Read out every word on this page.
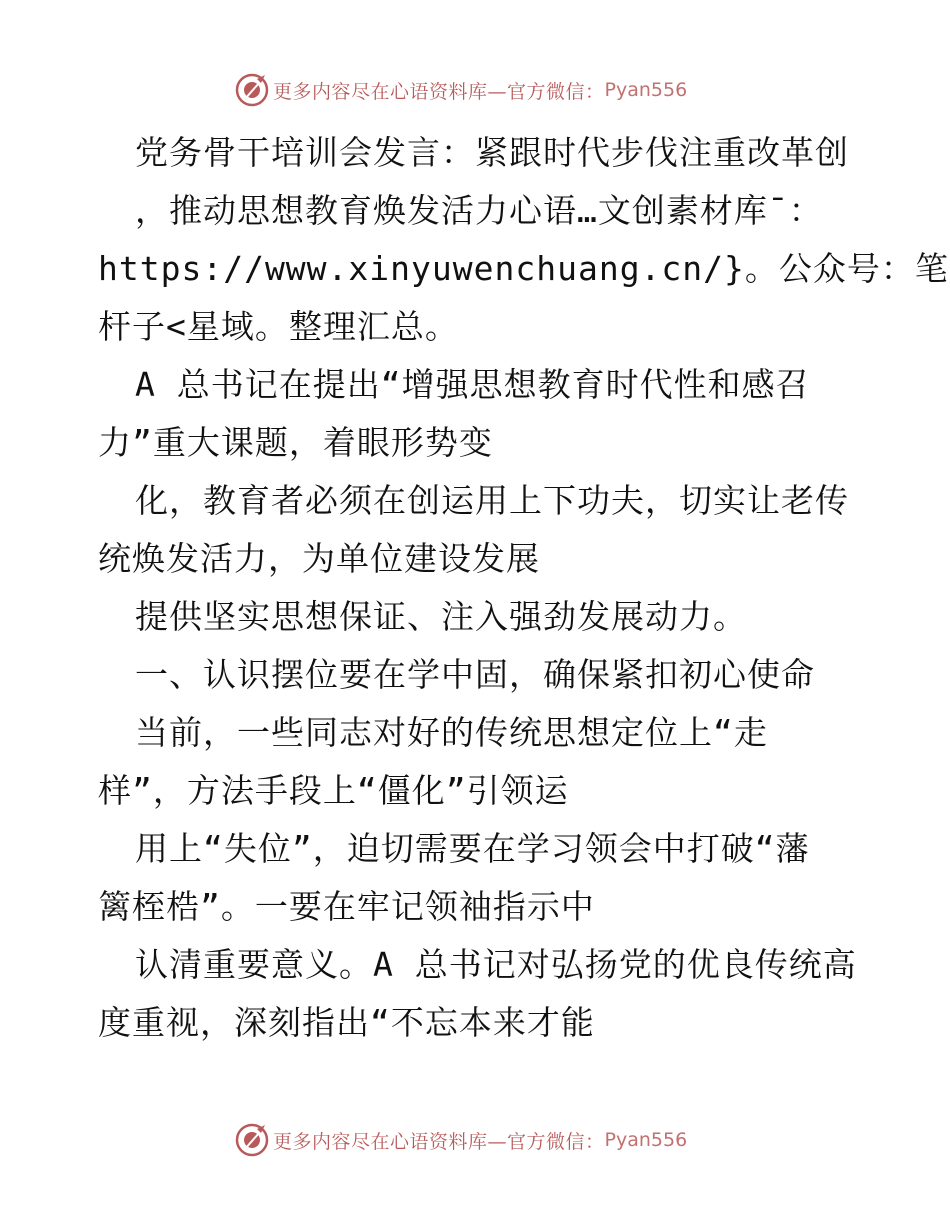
更多内容尽在心语资料库—官方微信： Pyan556
党务骨干培训会发言：紧跟时代步伐注重改革创
，推动思想教育焕发活力心语…文创素材库¯：
https://www.xinyuwenchuang.cn/}。公众号：笔
杆子<星域。整理汇总。
A 总书记在提出“增强思想教育时代性和感召
力”重大课题，着眼形势变
化，教育者必须在创运用上下功夫，切实让老传
统焕发活力，为单位建设发展
提供坚实思想保证、注入强劲发展动力。
一、认识摆位要在学中固，确保紧扣初心使命
当前，一些同志对好的传统思想定位上“走
样”，方法手段上“僵化”引领运
用上“失位”，迫切需要在学习领会中打破“藩
篱桎梏”。一要在牢记领袖指示中
认清重要意义。A 总书记对弘扬党的优良传统高
度重视，深刻指出“不忘本来才能
更多内容尽在心语资料库—官方微信： Pyan556
